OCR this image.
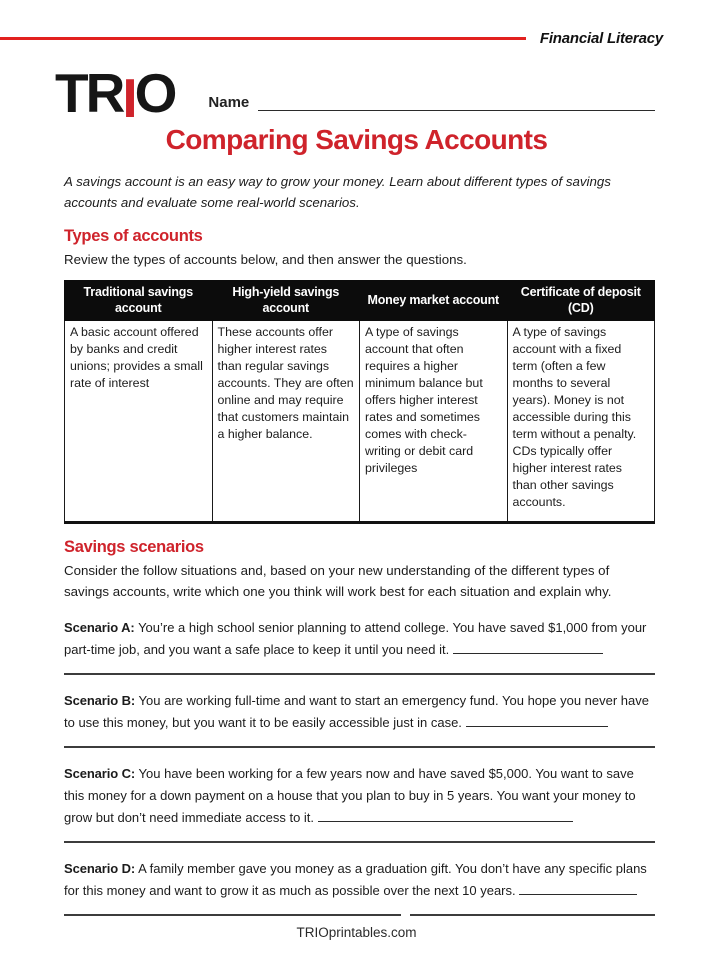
Financial Literacy
TRIO Name
Comparing Savings Accounts
A savings account is an easy way to grow your money. Learn about different types of savings accounts and evaluate some real-world scenarios.
Types of accounts
Review the types of accounts below, and then answer the questions.
Traditional savings account	High-yield savings account	Money market account	Certificate of deposit (CD)
A basic account offered by banks and credit unions; provides a small rate of interest	These accounts offer higher interest rates than regular savings accounts. They are often online and may require that customers maintain a higher balance.	A type of savings account that often requires a higher minimum balance but offers higher interest rates and sometimes comes with check-writing or debit card privileges	A type of savings account with a fixed term (often a few months to several years). Money is not accessible during this term without a penalty. CDs typically offer higher interest rates than other savings accounts.
Savings scenarios
Consider the follow situations and, based on your new understanding of the different types of savings accounts, write which one you think will work best for each situation and explain why.
Scenario A: You’re a high school senior planning to attend college. You have saved $1,000 from your part-time job, and you want a safe place to keep it until you need it.
Scenario B: You are working full-time and want to start an emergency fund. You hope you never have to use this money, but you want it to be easily accessible just in case.
Scenario C: You have been working for a few years now and have saved $5,000. You want to save this money for a down payment on a house that you plan to buy in 5 years. You want your money to grow but don’t need immediate access to it.
Scenario D: A family member gave you money as a graduation gift. You don’t have any specific plans for this money and want to grow it as much as possible over the next 10 years.
TRIOprintables.com
